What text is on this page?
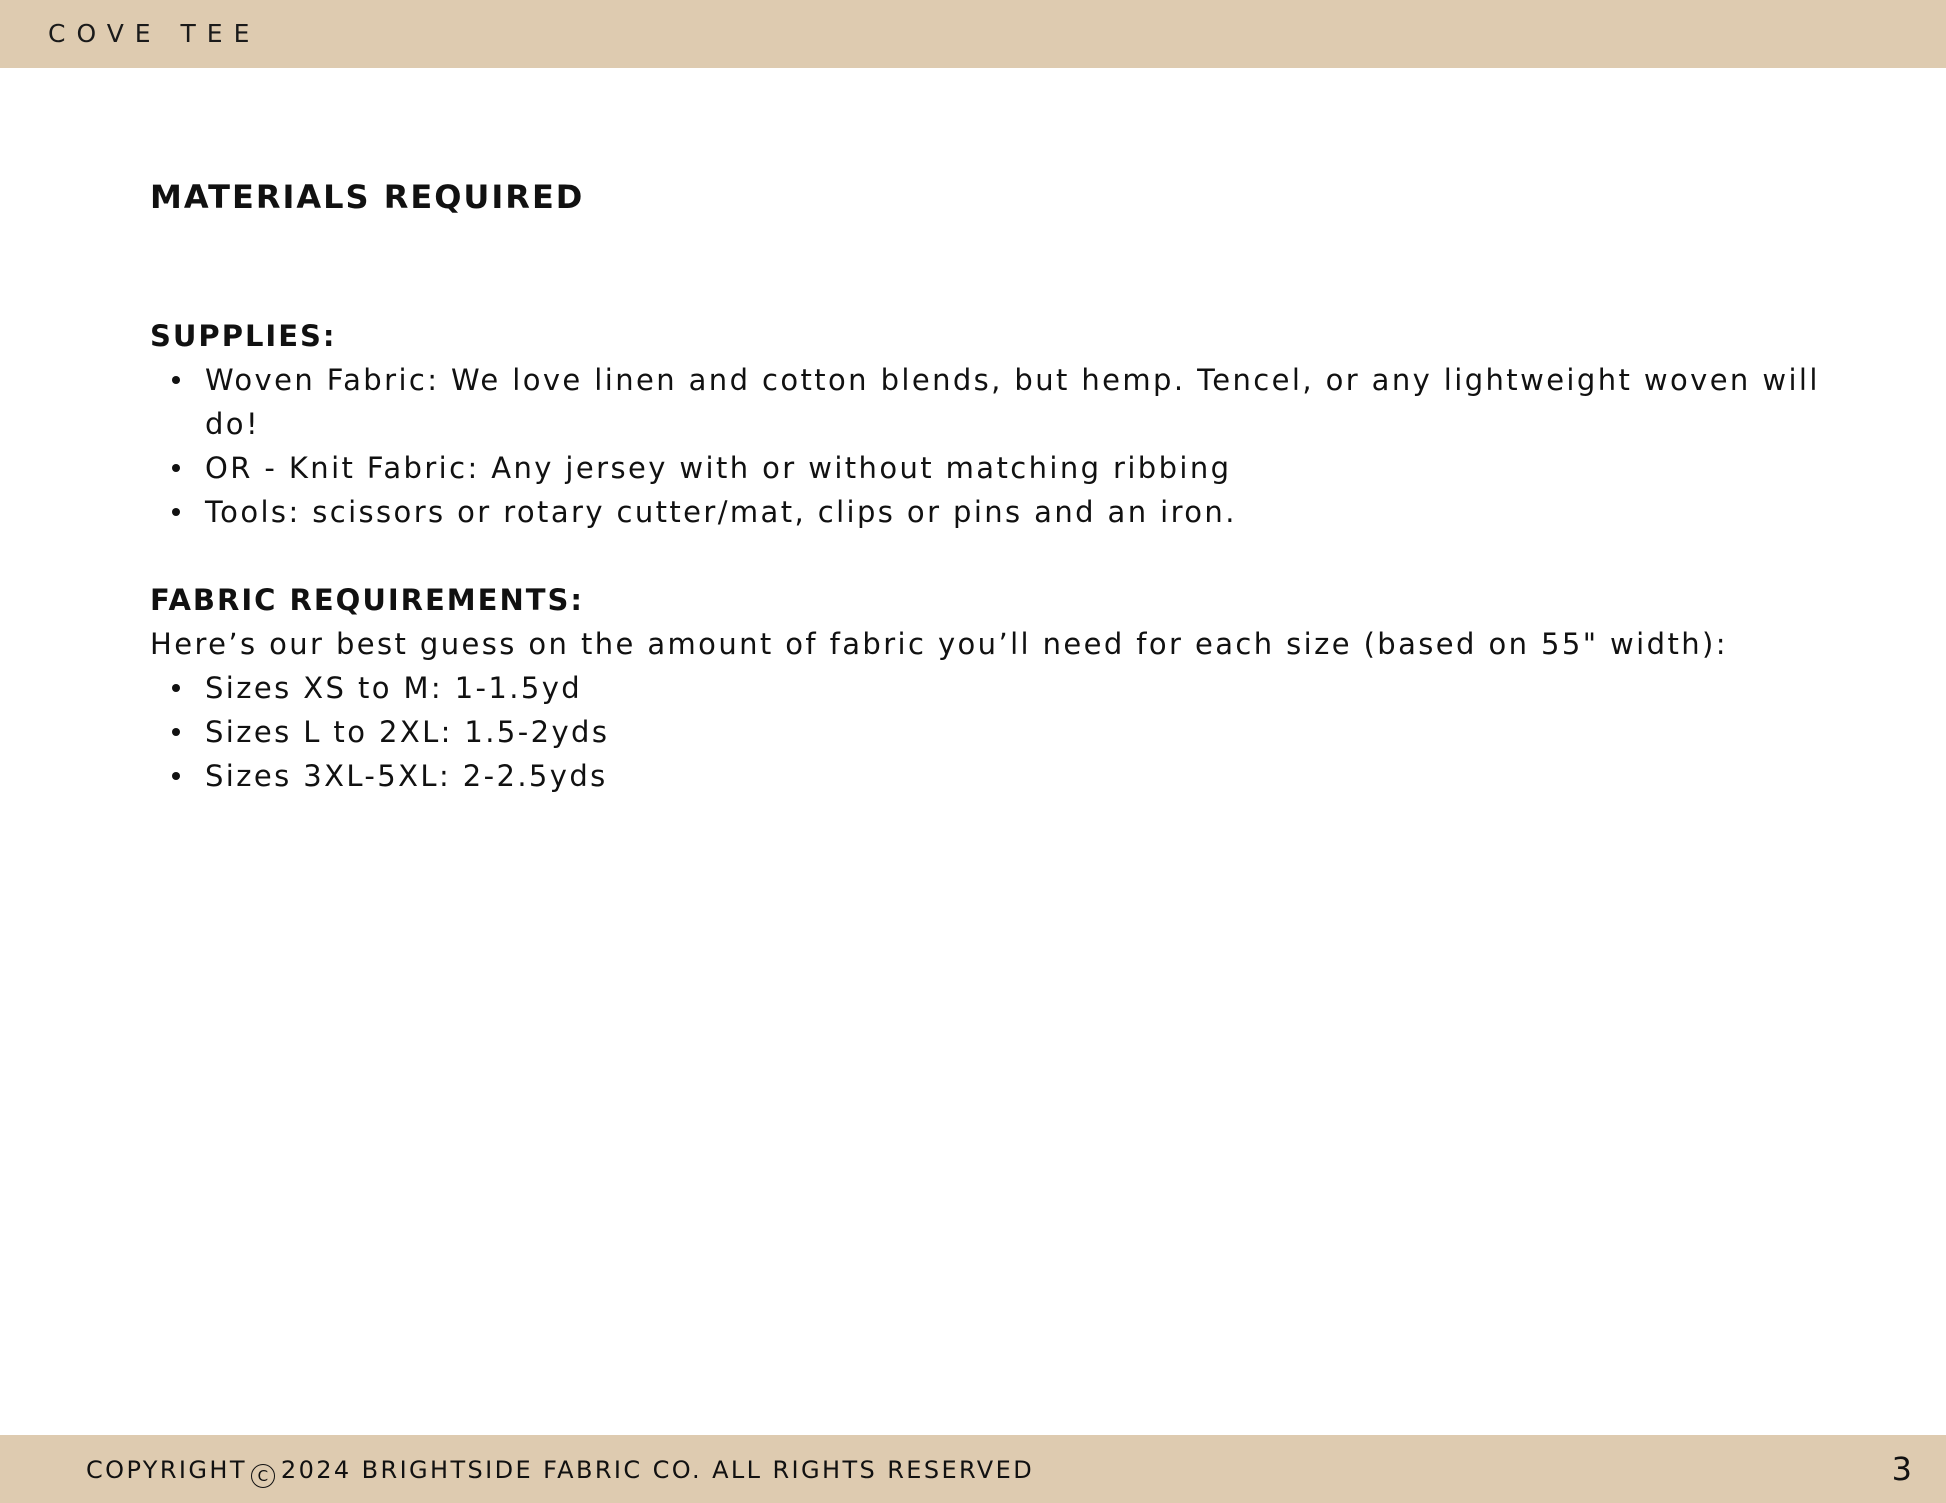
COVE TEE
MATERIALS REQUIRED
SUPPLIES:
Woven Fabric: We love linen and cotton blends, but hemp. Tencel, or any lightweight woven will do!
OR - Knit Fabric: Any jersey with or without matching ribbing
Tools: scissors or rotary cutter/mat, clips or pins and an iron.
FABRIC REQUIREMENTS:

Here’s our best guess on the amount of fabric you’ll need for each size (based on 55" width):

Sizes XS to M: 1-1.5yd
Sizes L to 2XL: 1.5-2yds
Sizes 3XL-5XL: 2-2.5yds
COPYRIGHT C 2024 BRIGHTSIDE FABRIC CO. ALL RIGHTS RESERVED	3
